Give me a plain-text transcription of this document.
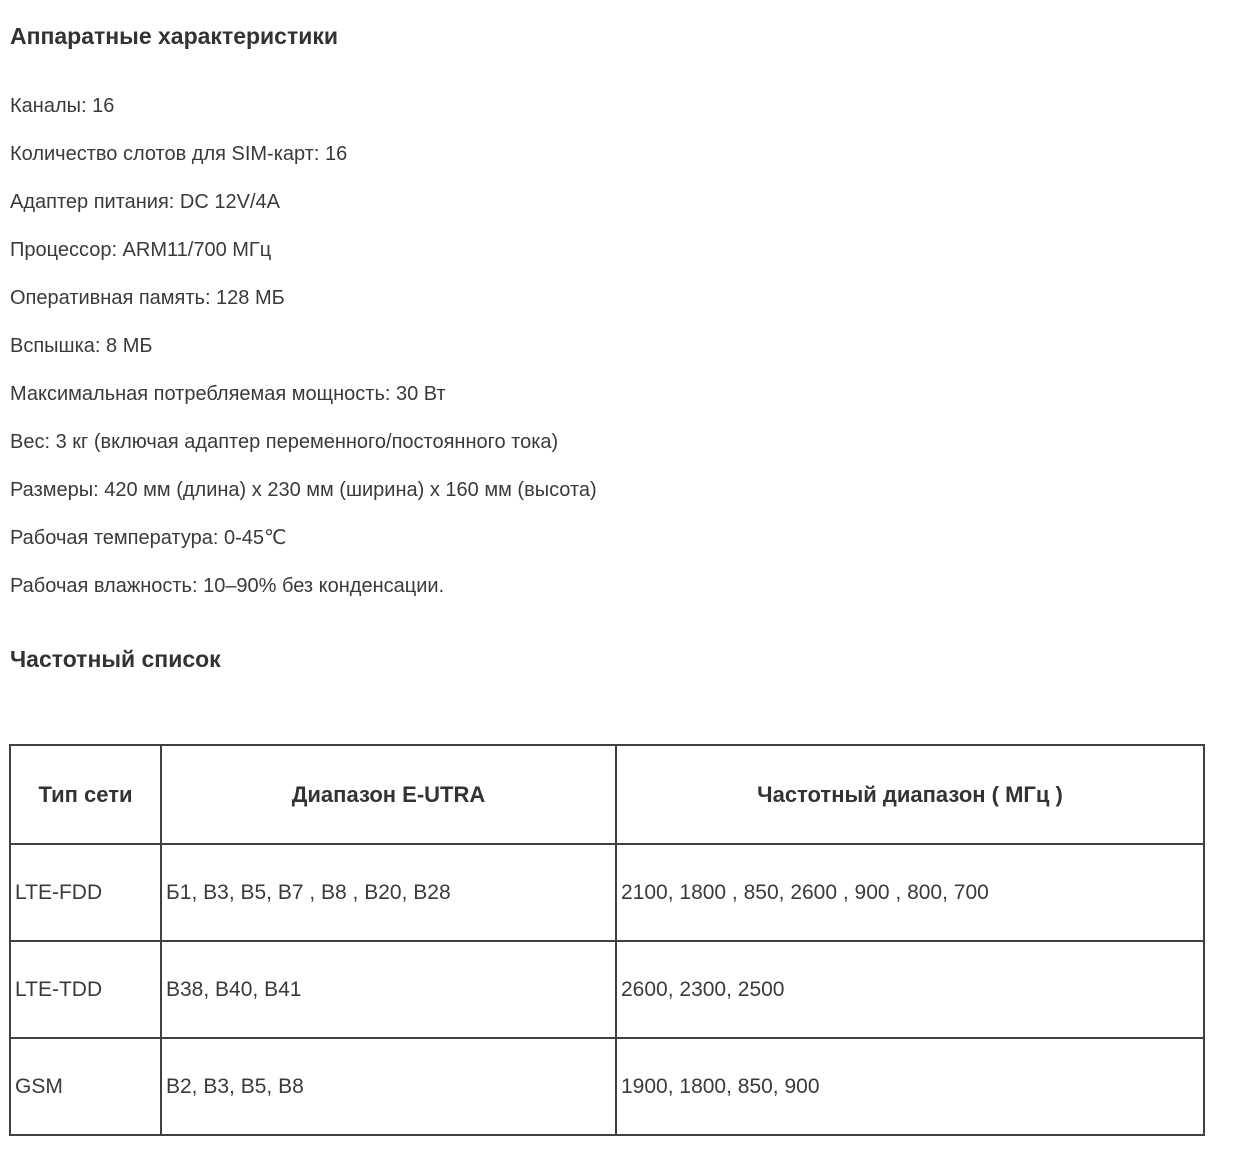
Аппаратные характеристики

Каналы: 16

Количество слотов для SIM-карт: 16

Адаптер питания: DC 12V/4A

Процессор: ARM11/700 МГц

Оперативная память: 128 МБ

Вспышка: 8 МБ

Максимальная потребляемая мощность: 30 Вт

Вес: 3 кг (включая адаптер переменного/постоянного тока)

Размеры: 420 мм (длина) x 230 мм (ширина) x 160 мм (высота)

Рабочая температура: 0-45℃

Рабочая влажность: 10–90% без конденсации.

Частотный список
Тип сети	Диапазон E-UTRA	Частотный диапазон ( МГц )
LTE-FDD	Б1, B3, B5, B7 , B8 , B20, B28	2100, 1800 , 850, 2600 , 900 , 800, 700
LTE-TDD	B38, B40, B41	2600, 2300, 2500
GSM	B2, B3, B5, B8	1900, 1800, 850, 900
